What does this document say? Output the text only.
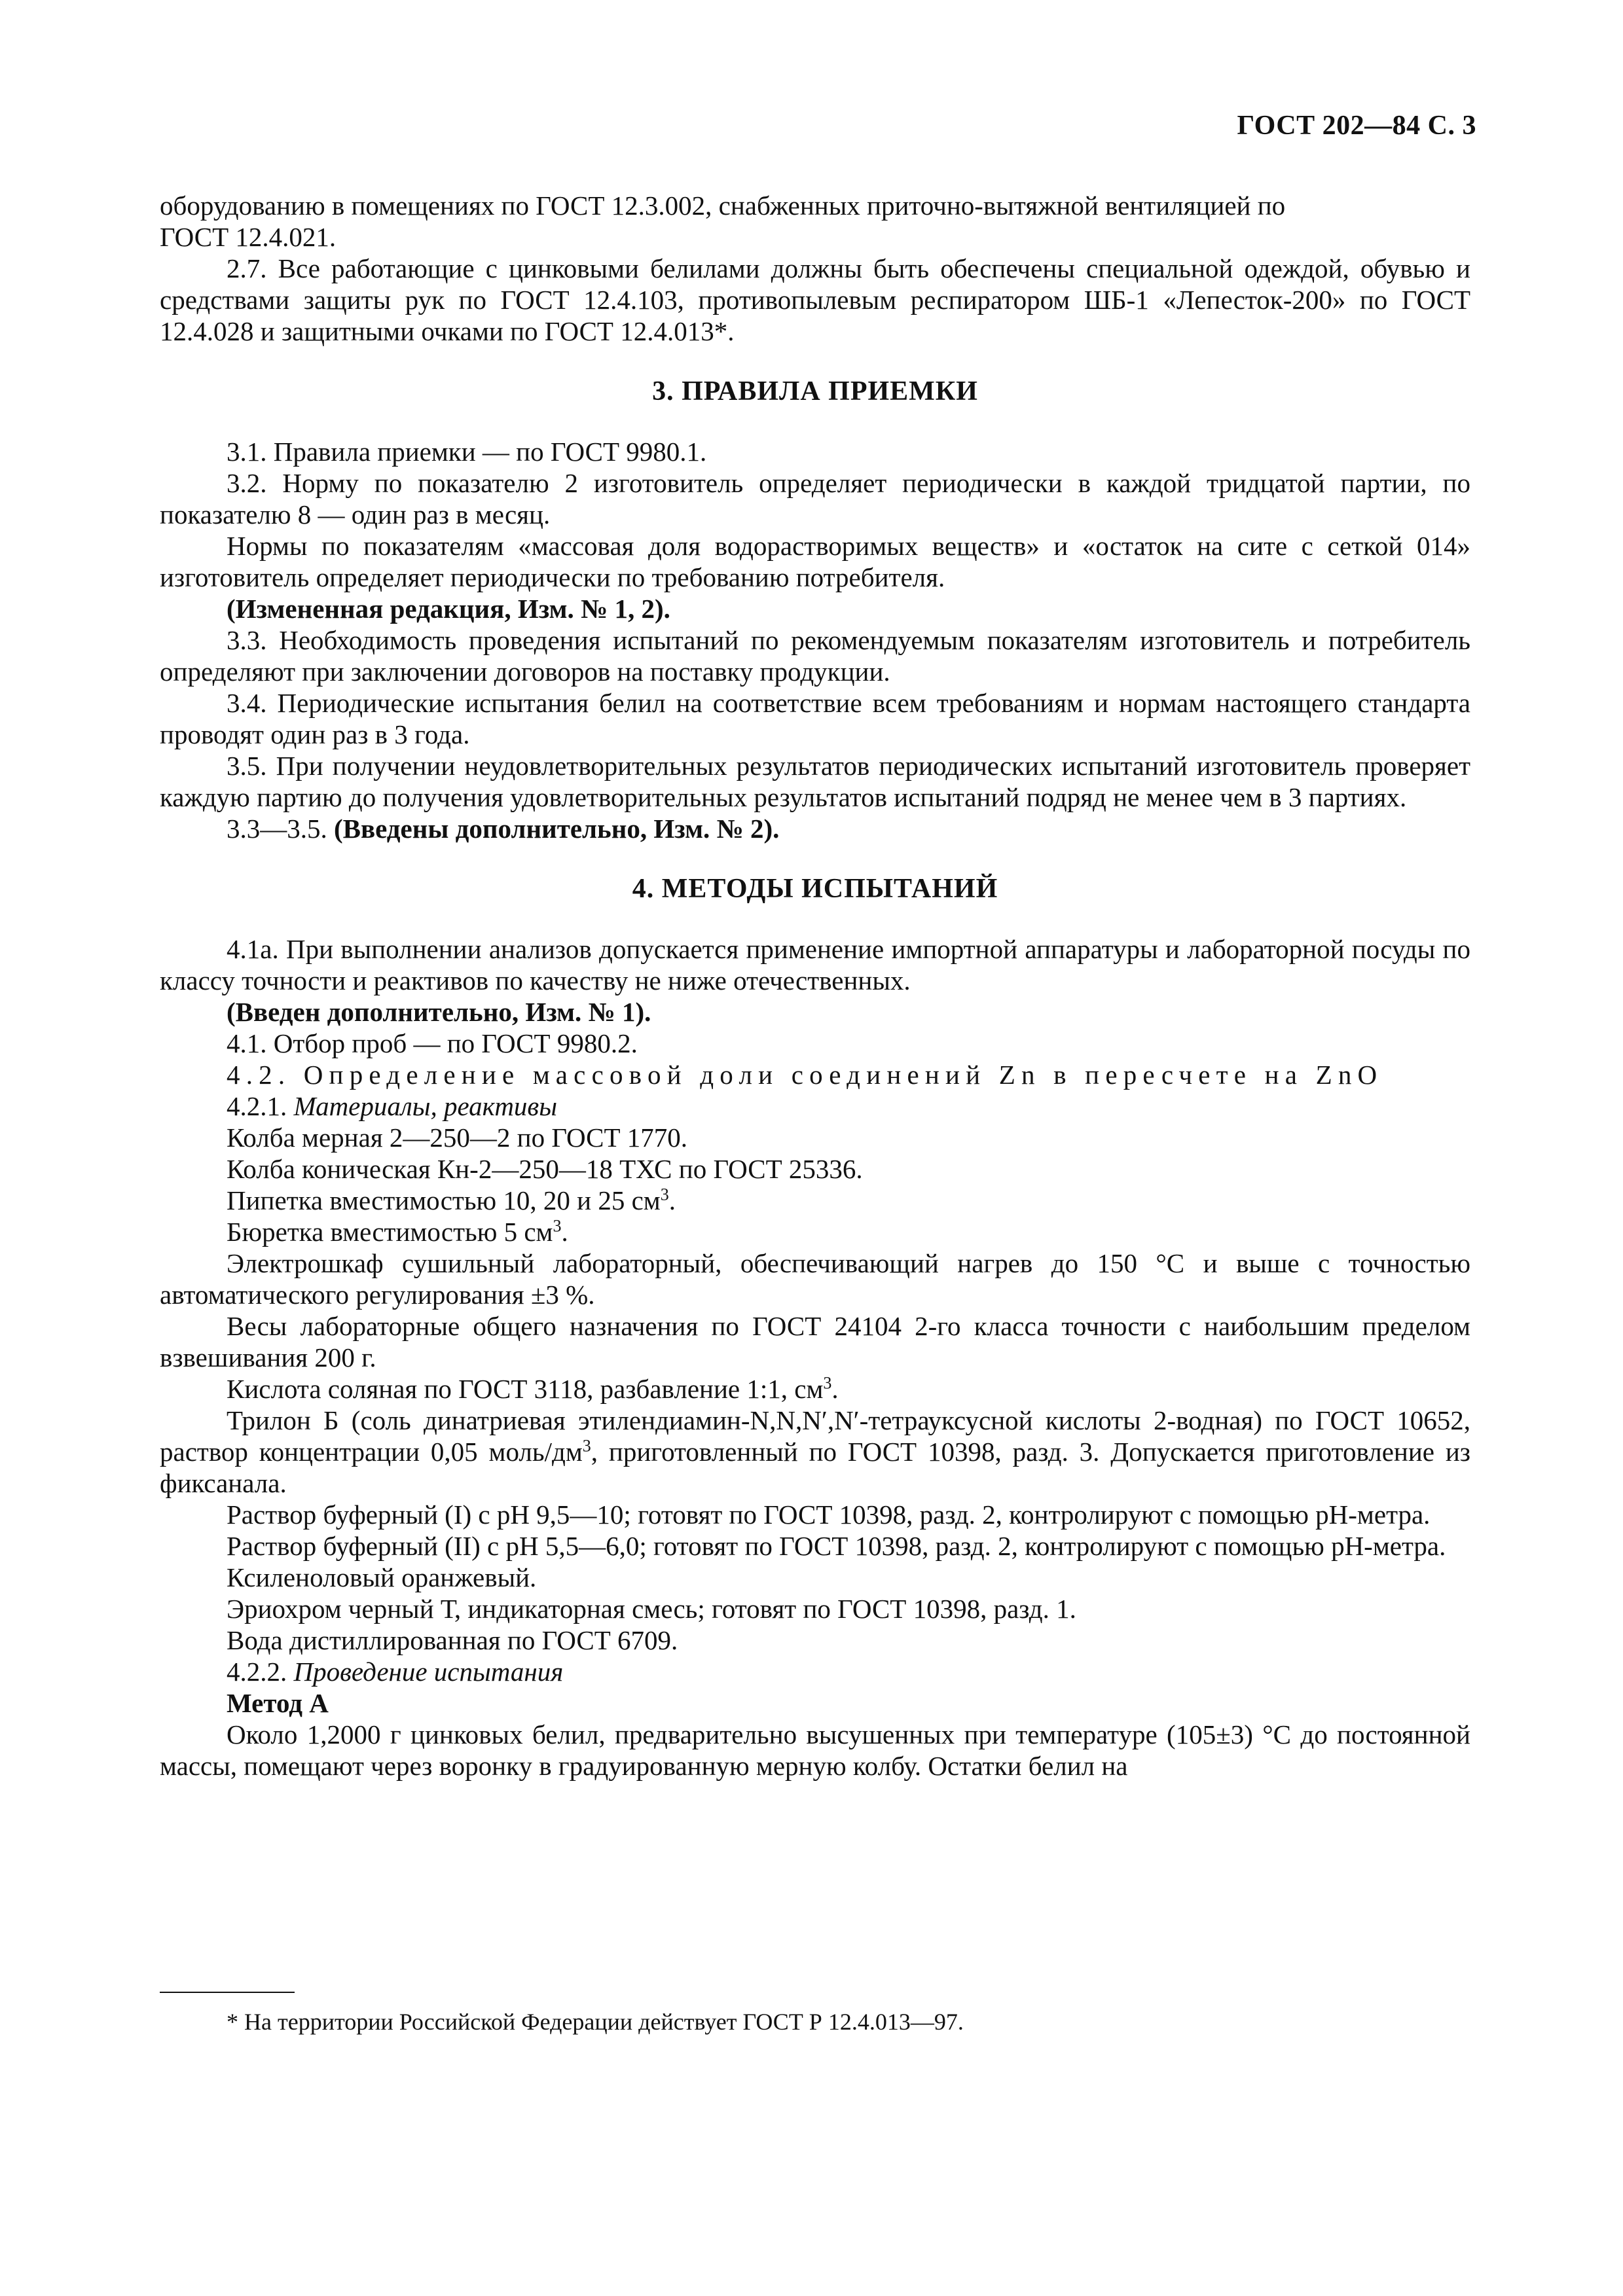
ГОСТ 202—84 С. 3

оборудованию в помещениях по ГОСТ 12.3.002, снабженных приточно-вытяжной вентиляцией по
ГОСТ 12.4.021.

2.7. Все работающие с цинковыми белилами должны быть обеспечены специальной одеждой, обувью и средствами защиты рук по ГОСТ 12.4.103, противопылевым респиратором ШБ-1 «Лепесток-200» по ГОСТ 12.4.028 и защитными очками по ГОСТ 12.4.013*.

3. ПРАВИЛА ПРИЕМКИ

3.1. Правила приемки — по ГОСТ 9980.1.

3.2. Норму по показателю 2 изготовитель определяет периодически в каждой тридцатой партии, по показателю 8 — один раз в месяц.

Нормы по показателям «массовая доля водорастворимых веществ» и «остаток на сите с сеткой 014» изготовитель определяет периодически по требованию потребителя.

(Измененная редакция, Изм. № 1, 2).

3.3. Необходимость проведения испытаний по рекомендуемым показателям изготовитель и потребитель определяют при заключении договоров на поставку продукции.

3.4. Периодические испытания белил на соответствие всем требованиям и нормам настоящего стандарта проводят один раз в 3 года.

3.5. При получении неудовлетворительных результатов периодических испытаний изготовитель проверяет каждую партию до получения удовлетворительных результатов испытаний подряд не менее чем в 3 партиях.

3.3—3.5. (Введены дополнительно, Изм. № 2).

4. МЕТОДЫ ИСПЫТАНИЙ

4.1а. При выполнении анализов допускается применение импортной аппаратуры и лабораторной посуды по классу точности и реактивов по качеству не ниже отечественных.

(Введен дополнительно, Изм. № 1).

4.1. Отбор проб — по ГОСТ 9980.2.

4.2. Определение массовой доли соединений Zn в пересчете на ZnO

4.2.1. Материалы, реактивы

Колба мерная 2—250—2 по ГОСТ 1770.

Колба коническая Кн-2—250—18 ТХС по ГОСТ 25336.

Пипетка вместимостью 10, 20 и 25 $см^3$.

Бюретка вместимостью 5 $см^3$.

Электрошкаф сушильный лабораторный, обеспечивающий нагрев до 150 °С и выше с точностью автоматического регулирования ±3 %.

Весы лабораторные общего назначения по ГОСТ 24104 2-го класса точности с наибольшим пределом взвешивания 200 г.

Кислота соляная по ГОСТ 3118, разбавление 1:1, $см^3$.

Трилон Б (соль динатриевая этилендиамин-N,N,N′,N′-тетрауксусной кислоты 2-водная) по ГОСТ 10652, раствор концентрации 0,05 моль/$дм^3$, приготовленный по ГОСТ 10398, разд. 3. Допускается приготовление из фиксанала.

Раствор буферный (I) с рН 9,5—10; готовят по ГОСТ 10398, разд. 2, контролируют с помощью рН-метра.

Раствор буферный (II) с рН 5,5—6,0; готовят по ГОСТ 10398, разд. 2, контролируют с помощью рН-метра.

Ксиленоловый оранжевый.

Эриохром черный Т, индикаторная смесь; готовят по ГОСТ 10398, разд. 1.

Вода дистиллированная по ГОСТ 6709.

4.2.2. Проведение испытания

Метод А

Около 1,2000 г цинковых белил, предварительно высушенных при температуре (105±3) °С до постоянной массы, помещают через воронку в градуированную мерную колбу. Остатки белил на

* На территории Российской Федерации действует ГОСТ Р 12.4.013—97.
